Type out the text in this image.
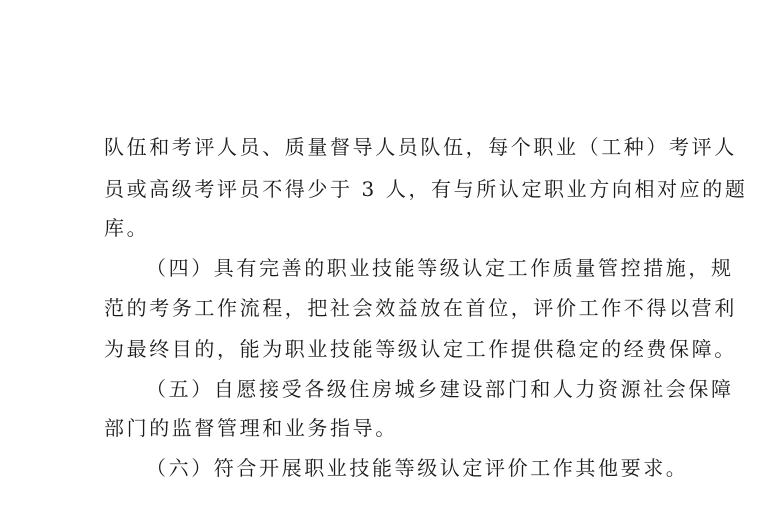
队伍和考评人员、质量督导人员队伍，每个职业（工种）考评人
员或高级考评员不得少于 3 人，有与所认定职业方向相对应的题
库。
（四）具有完善的职业技能等级认定工作质量管控措施，规
范的考务工作流程，把社会效益放在首位，评价工作不得以营利
为最终目的，能为职业技能等级认定工作提供稳定的经费保障。
（五）自愿接受各级住房城乡建设部门和人力资源社会保障
部门的监督管理和业务指导。
（六）符合开展职业技能等级认定评价工作其他要求。
